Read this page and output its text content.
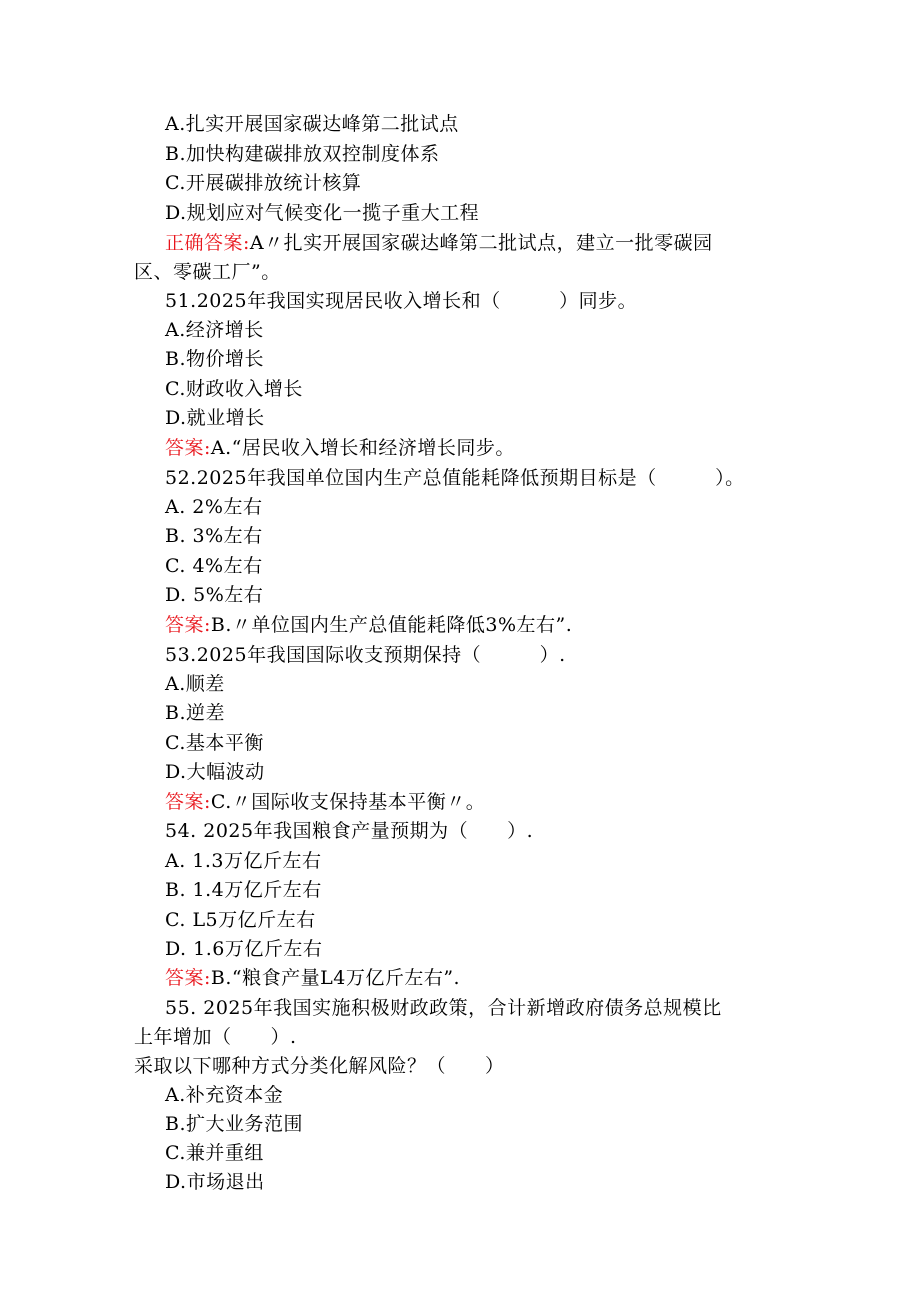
A.扎实开展国家碳达峰第二批试点
B.加快构建碳排放双控制度体系
C.开展碳排放统计核算
D.规划应对气候变化一揽子重大工程
正确答案:A〃扎实开展国家碳达峰第二批试点，建立一批零碳园
区、零碳工厂”。
51.2025年我国实现居民收入增长和（　　　）同步。
A.经济增长
B.物价增长
C.财政收入增长
D.就业增长
答案:A.“居民收入增长和经济增长同步。
52.2025年我国单位国内生产总值能耗降低预期目标是（　　　）。
A. 2%左右
B. 3%左右
C. 4%左右
D. 5%左右
答案:B.〃单位国内生产总值能耗降低3%左右”.
53.2025年我国国际收支预期保持（　　　）.
A.顺差
B.逆差
C.基本平衡
D.大幅波动
答案:C.〃国际收支保持基本平衡〃。
54. 2025年我国粮食产量预期为（　　）.
A. 1.3万亿斤左右
B. 1.4万亿斤左右
C. L5万亿斤左右
D. 1.6万亿斤左右
答案:B.“粮食产量L4万亿斤左右”.
55. 2025年我国实施积极财政政策，合计新增政府债务总规模比
上年增加（　　）.
采取以下哪种方式分类化解风险？（　　）
A.补充资本金
B.扩大业务范围
C.兼并重组
D.市场退出
